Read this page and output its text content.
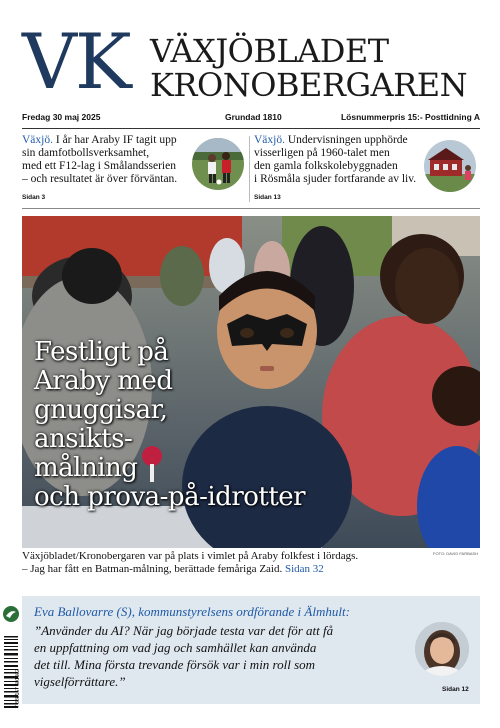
VK VÄXJÖBLADET
KRONOBERGAREN
Fredag 30 maj 2025	Grundad 1810	Lösnummerpris 15:- Posttidning A
Växjö. I år har Araby IF tagit upp
sin damfotbollsverksamhet,
med ett F12-lag i Smålandsserien
– och resultatet är över förväntan.
Sidan 3
Växjö. Undervisningen upphörde
visserligen på 1960-talet men
den gamla folkskolebyggnaden
i Rösmåla sjuder fortfarande av liv.
Sidan 13
Festligt på
Araby med
gnuggisar,
ansikts-
målning
och prova-på-idrotter
FOTO: DAVID FARBASH
Växjöbladet/Kronobergaren var på plats i vimlet på Araby folkfest i lördags.
– Jag har fått en Batman-målning, berättade femåriga Zaid. Sidan 32
Eva Ballovarre (S), kommunstyrelsens ordförande i Älmhult:
”Använder du AI? När jag började testa var det för att få
en uppfattning om vad jag och samhället kan använda
det till. Mina första trevande försök var i min roll som
vigselförrättare.”
Sidan 12
7 388157 501502
